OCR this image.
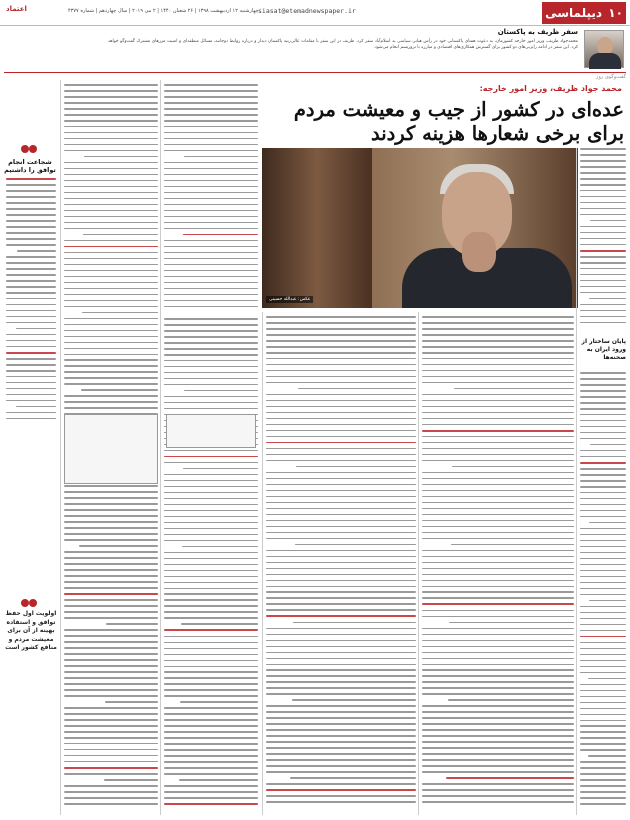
۱۰
دیپلماسی
siasat@etemadnewspaper.ir
چهارشنبه ۱۲ اردیبهشت ۱۳۹۸ | ۲۶ شعبان ۱۴۴۰ | ۲ می ۲۰۱۹ | سال چهاردهم | شماره ۴۳۷۷
اعتماد
سفر ظریف به پاکستان
محمدجواد ظریف، وزیر امور خارجه کشورمان، به دعوت همتای پاکستانی خود در رأس هیاتی سیاسی به اسلام‌آباد سفر کرد. ظریف در این سفر با مقامات عالی‌رتبه پاکستان دیدار و درباره روابط دوجانبه، مسائل منطقه‌ای و امنیت مرزهای مشترک گفت‌وگو خواهد کرد. این سفر در ادامه رایزنی‌های دو کشور برای گسترش همکاری‌های اقتصادی و مبارزه با تروریسم انجام می‌شود.
گفت‌وگوی روز
محمد جواد ظریف، وزیر امور خارجه:
عده‌ای در کشور از جیب و معیشت مردم
برای برخی شعارها هزینه کردند
عکس: عبدالله حسینی
شجاعت انجام توافق را داشتیم
اولویت اول حفظ توافق و استفاده بهینه از آن برای معیشت مردم و منافع کشور است
پایان ساختار از ورود ایران به صحنه‌ها
